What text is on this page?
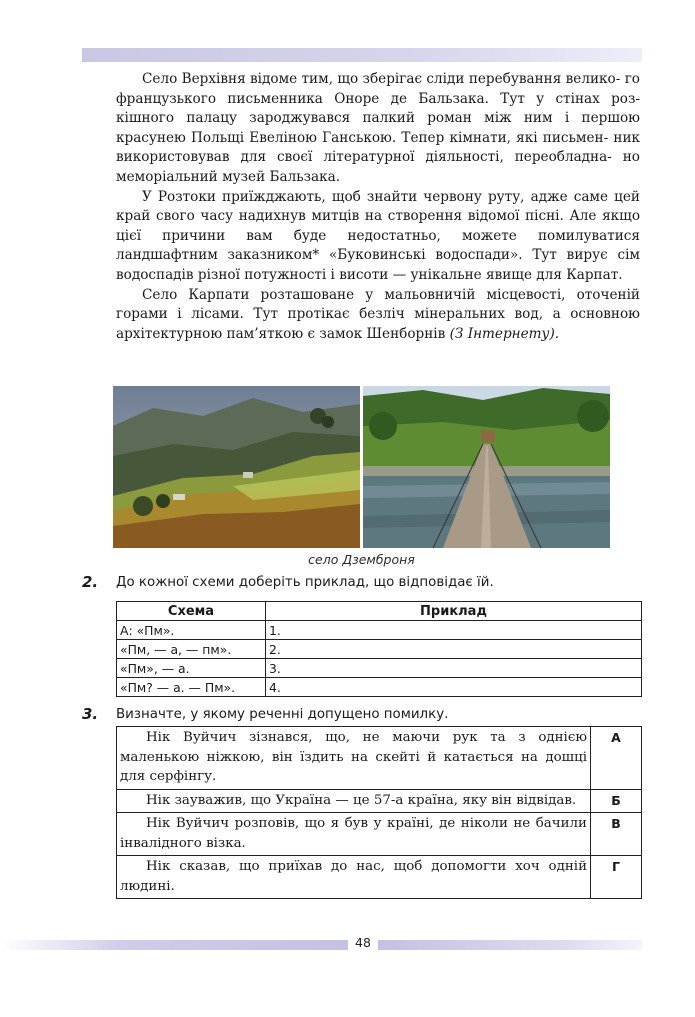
Село Верхівня відоме тим, що зберігає сліди перебування велико- го французького письменника Оноре де Бальзака. Тут у стінах роз- кішного палацу зароджувався палкий роман між ним і першою красунею Польщі Евеліною Ганською. Тепер кімнати, які письмен- ник використовував для своєї літературної діяльності, переобладна- но меморіальний музей Бальзака.

У Розтоки приїжджають, щоб знайти червону руту, адже саме цей край свого часу надихнув митців на створення відомої пісні. Але якщо цієї причини вам буде недостатньо, можете помилуватися ландшафтним заказником* «Буковинські водоспади». Тут вирує сім водоспадів різної потужності і висоти — унікальне явище для Карпат.

Село Карпати розташоване у мальовничій місцевості, оточеній горами і лісами. Тут протікає безліч мінеральних вод, а основною архітектурною пам’яткою є замок Шенборнів (З Інтернету).

село Дземброня
2. До кожної схеми доберіть приклад, що відповідає їй.
Схема	Приклад
А: «Пм».	1.
«Пм, — а, — пм».	2.
«Пм», — а.	3.
«Пм? — а. — Пм».	4.
3. Визначте, у якому реченні допущено помилку.
Нік Вуйчич зізнався, що, не маючи рук та з однією маленькою ніжкою, він їздить на скейті й катається на дошці для серфінгу.	А
Нік зауважив, що Україна — це 57-а країна, яку він відвідав.	Б
Нік Вуйчич розповів, що я був у країні, де ніколи не бачили інвалідного візка.	В
Нік сказав, що приїхав до нас, щоб допомогти хоч одній людині.	Г
48
